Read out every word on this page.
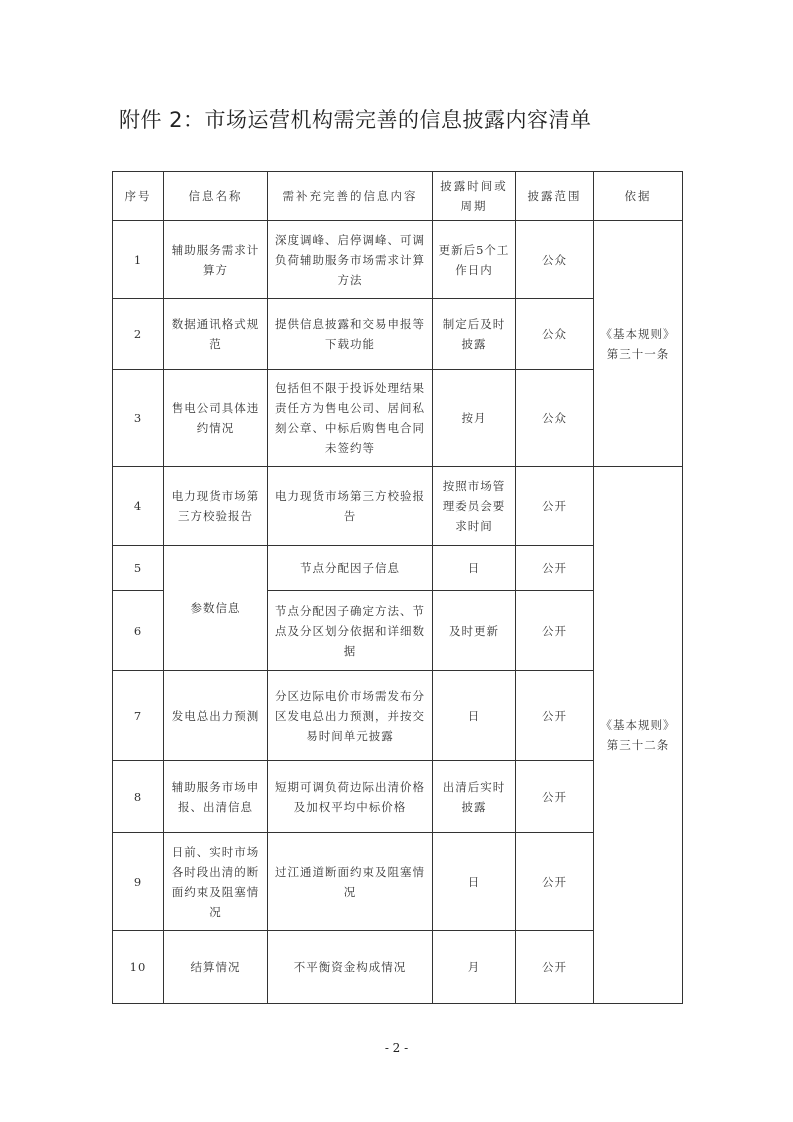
附件 2：市场运营机构需完善的信息披露内容清单
序号	信息名称	需补充完善的信息内容	披露时间或周期	披露范围	依据
1	辅助服务需求计算方	深度调峰、启停调峰、可调负荷辅助服务市场需求计算方法	更新后5个工作日内	公众	《基本规则》第三十一条
2	数据通讯格式规范	提供信息披露和交易申报等下载功能	制定后及时披露	公众	
3	售电公司具体违约情况	包括但不限于投诉处理结果责任方为售电公司、居间私刻公章、中标后购售电合同未签约等	按月	公众	
4	电力现货市场第三方校验报告	电力现货市场第三方校验报告	按照市场管理委员会要求时间	公开	《基本规则》第三十二条
5	参数信息	节点分配因子信息	日	公开	
6		节点分配因子确定方法、节点及分区划分依据和详细数据	及时更新	公开	
7	发电总出力预测	分区边际电价市场需发布分区发电总出力预测，并按交易时间单元披露	日	公开	
8	辅助服务市场申报、出清信息	短期可调负荷边际出清价格及加权平均中标价格	出清后实时披露	公开	
9	日前、实时市场各时段出清的断面约束及阻塞情况	过江通道断面约束及阻塞情况	日	公开	
10	结算情况	不平衡资金构成情况	月	公开	
- 2 -
